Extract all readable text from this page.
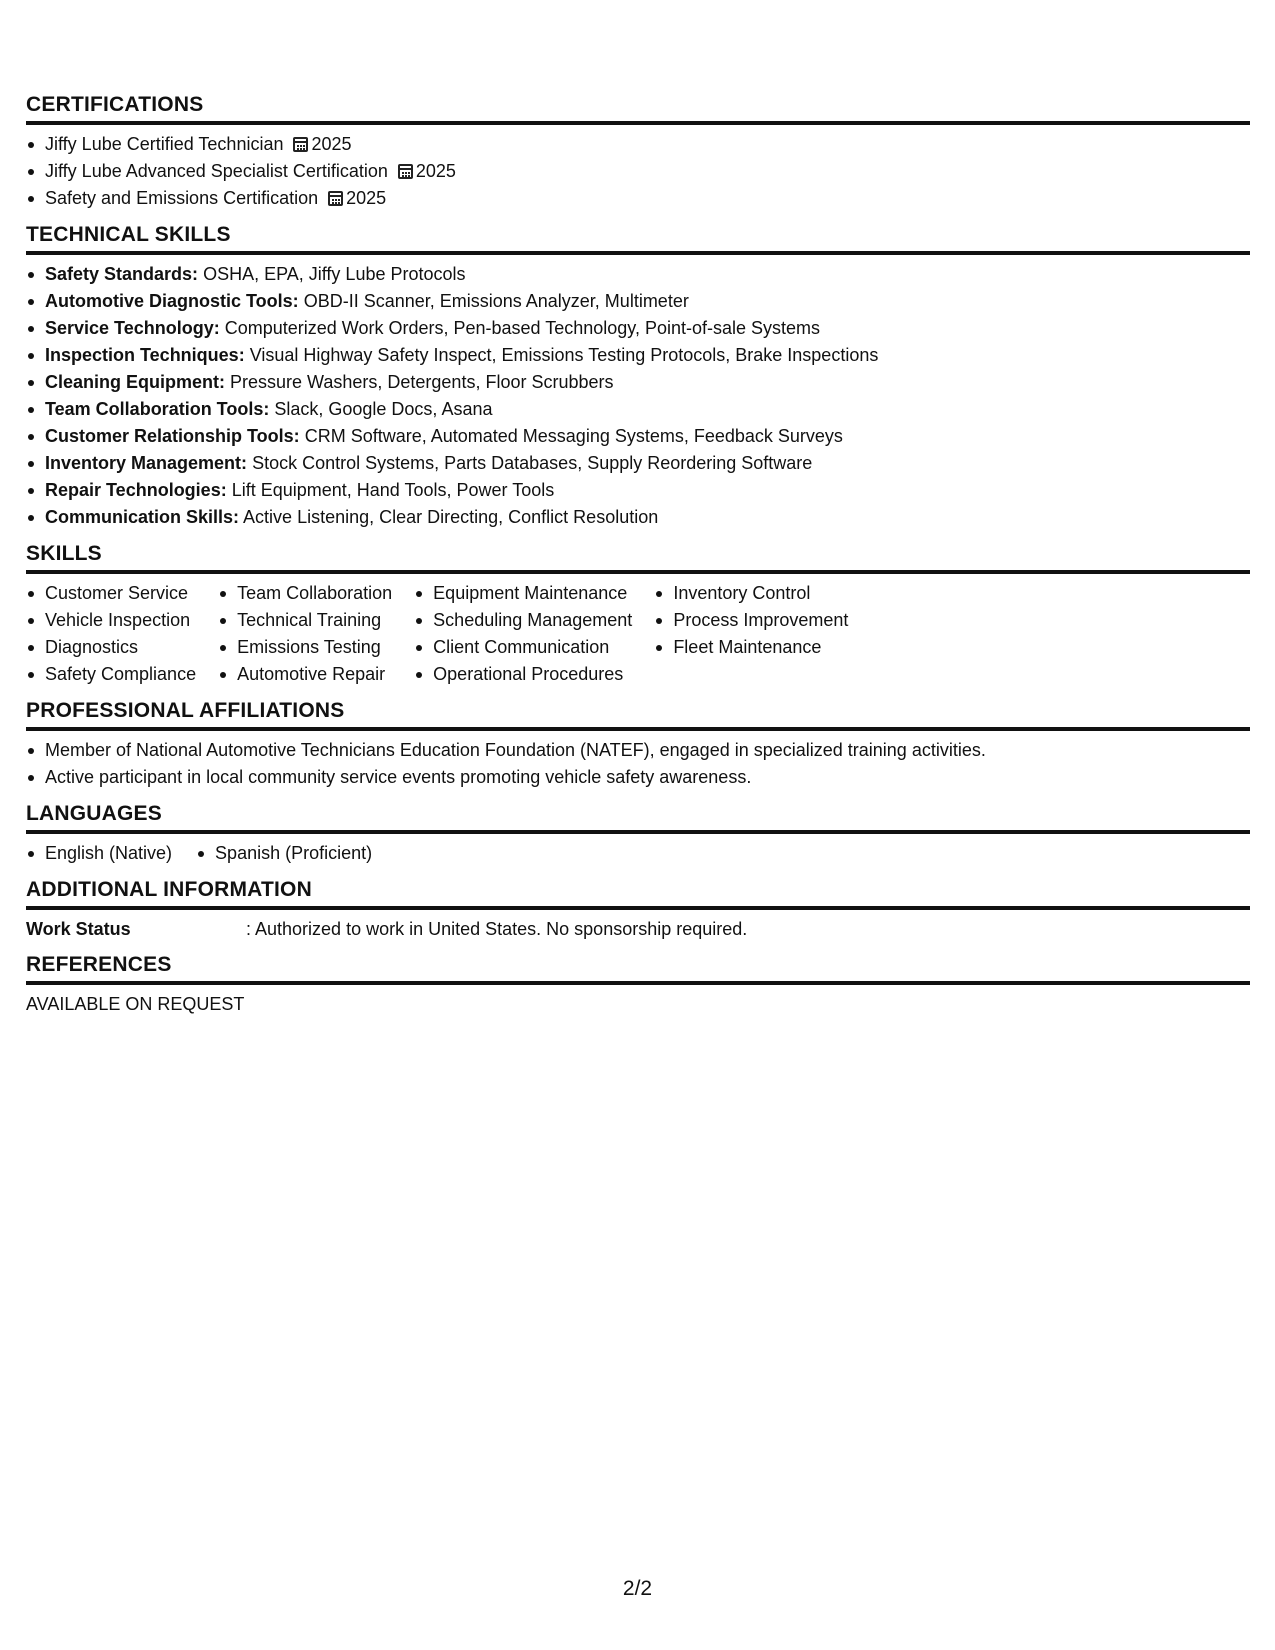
CERTIFICATIONS
Jiffy Lube Certified Technician 2025
Jiffy Lube Advanced Specialist Certification 2025
Safety and Emissions Certification 2025
TECHNICAL SKILLS
Safety Standards: OSHA, EPA, Jiffy Lube Protocols
Automotive Diagnostic Tools: OBD-II Scanner, Emissions Analyzer, Multimeter
Service Technology: Computerized Work Orders, Pen-based Technology, Point-of-sale Systems
Inspection Techniques: Visual Highway Safety Inspect, Emissions Testing Protocols, Brake Inspections
Cleaning Equipment: Pressure Washers, Detergents, Floor Scrubbers
Team Collaboration Tools: Slack, Google Docs, Asana
Customer Relationship Tools: CRM Software, Automated Messaging Systems, Feedback Surveys
Inventory Management: Stock Control Systems, Parts Databases, Supply Reordering Software
Repair Technologies: Lift Equipment, Hand Tools, Power Tools
Communication Skills: Active Listening, Clear Directing, Conflict Resolution
SKILLS
Customer Service
Vehicle Inspection
Diagnostics
Safety Compliance
Team Collaboration
Technical Training
Emissions Testing
Automotive Repair
Equipment Maintenance
Scheduling Management
Client Communication
Operational Procedures
Inventory Control
Process Improvement
Fleet Maintenance
PROFESSIONAL AFFILIATIONS
Member of National Automotive Technicians Education Foundation (NATEF), engaged in specialized training activities.
Active participant in local community service events promoting vehicle safety awareness.
LANGUAGES
English (Native)	Spanish (Proficient)
ADDITIONAL INFORMATION
Work Status	: Authorized to work in United States. No sponsorship required.
REFERENCES
AVAILABLE ON REQUEST
2/2
